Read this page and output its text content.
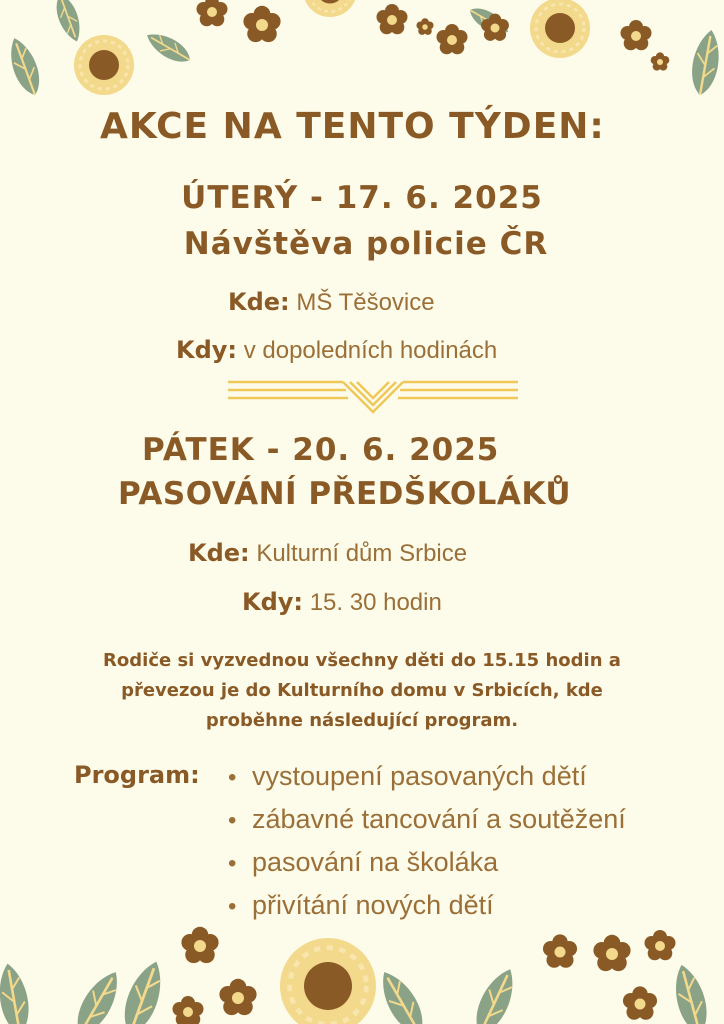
AKCE NA TENTO TÝDEN:
ÚTERÝ - 17. 6. 2025
Návštěva policie ČR
Kde: MŠ Těšovice
Kdy: v dopoledních hodinách
PÁTEK - 20. 6. 2025
PASOVÁNÍ PŘEDŠKOLÁKŮ
Kde: Kulturní dům Srbice
Kdy: 15. 30 hodin
Rodiče si vyzvednou všechny děti do 15.15 hodin a
převezou je do Kulturního domu v Srbicích, kde
proběhne následující program.
Program:
•	vystoupení pasovaných dětí
• zábavné tancování a soutěžení
• pasování na školáka
• přivítání nových dětí
